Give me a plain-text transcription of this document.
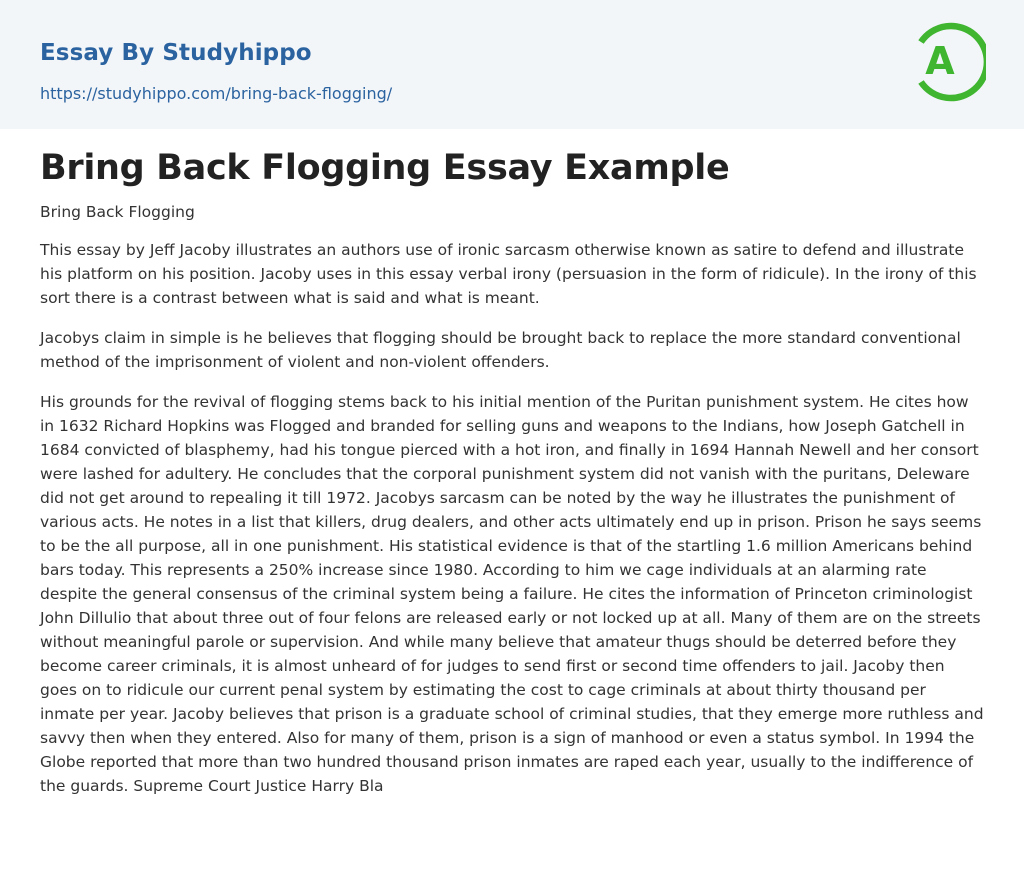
Essay By Studyhippo
https://studyhippo.com/bring-back-flogging/
A
Bring Back Flogging Essay Example
Bring Back Flogging

This essay by Jeff Jacoby illustrates an authors use of ironic sarcasm otherwise known as satire to defend and illustrate his platform on his position. Jacoby uses in this essay verbal irony (persuasion in the form of ridicule). In the irony of this sort there is a contrast between what is said and what is meant.

Jacobys claim in simple is he believes that flogging should be brought back to replace the more standard conventional method of the imprisonment of violent and non-violent offenders.

His grounds for the revival of flogging stems back to his initial mention of the Puritan punishment system. He cites how in 1632 Richard Hopkins was Flogged and branded for selling guns and weapons to the Indians, how Joseph Gatchell in 1684 convicted of blasphemy, had his tongue pierced with a hot iron, and finally in 1694 Hannah Newell and her consort were lashed for adultery. He concludes that the corporal punishment system did not vanish with the puritans, Deleware did not get around to repealing it till 1972. Jacobys sarcasm can be noted by the way he illustrates the punishment of various acts. He notes in a list that killers, drug dealers, and other acts ultimately end up in prison. Prison he says seems to be the all purpose, all in one punishment. His statistical evidence is that of the startling 1.6 million Americans behind bars today. This represents a 250% increase since 1980. According to him we cage individuals at an alarming rate despite the general consensus of the criminal system being a failure. He cites the information of Princeton criminologist John Dillulio that about three out of four felons are released early or not locked up at all. Many of them are on the streets without meaningful parole or supervision. And while many believe that amateur thugs should be deterred before they become career criminals, it is almost unheard of for judges to send first or second time offenders to jail. Jacoby then goes on to ridicule our current penal system by estimating the cost to cage criminals at about thirty thousand per inmate per year. Jacoby believes that prison is a graduate school of criminal studies, that they emerge more ruthless and savvy then when they entered. Also for many of them, prison is a sign of manhood or even a status symbol. In 1994 the Globe reported that more than two hundred thousand prison inmates are raped each year, usually to the indifference of the guards. Supreme Court Justice Harry Bla
